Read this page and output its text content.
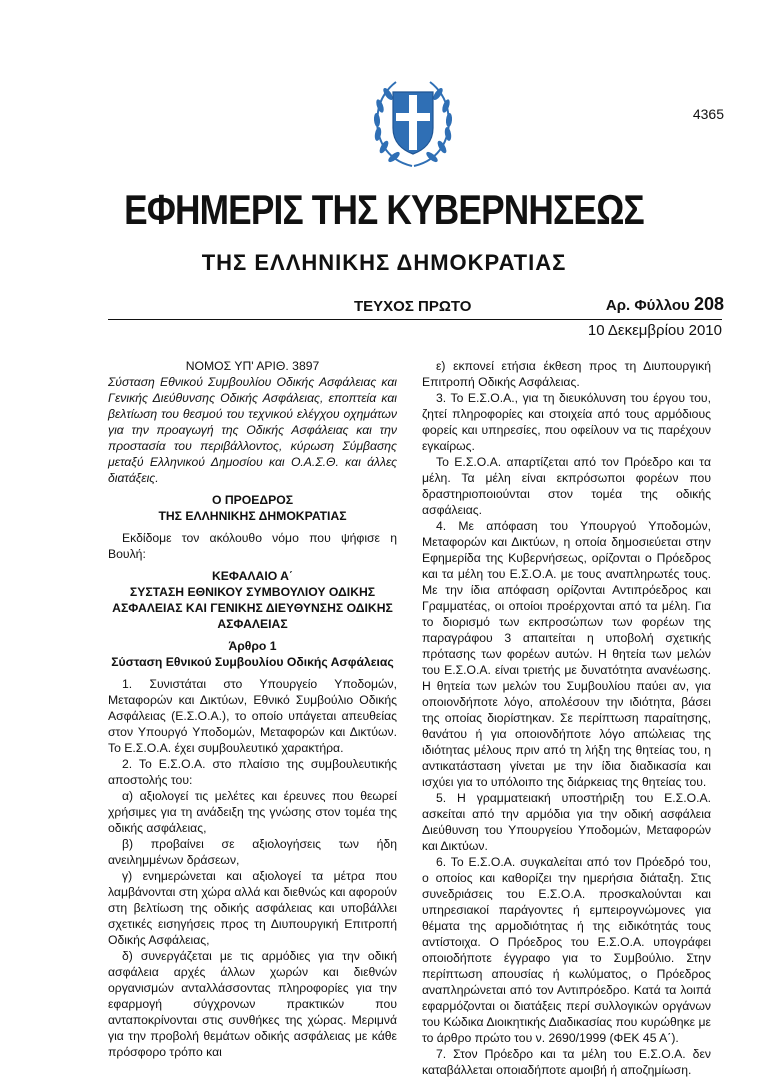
4365
ΕΦΗΜΕΡΙΣ ΤΗΣ ΚΥΒΕΡΝΗΣΕΩΣ
ΤΗΣ ΕΛΛΗΝΙΚΗΣ ΔΗΜΟΚΡΑΤΙΑΣ
ΤΕΥΧΟΣ ΠΡΩΤΟ	Αρ. Φύλλου 208
10 Δεκεμβρίου 2010

ΝΟΜΟΣ ΥΠ' ΑΡΙΘ. 3897

Σύσταση Εθνικού Συμβουλίου Οδικής Ασφάλειας και Γενικής Διεύθυνσης Οδικής Ασφάλειας, εποπτεία και βελτίωση του θεσμού του τεχνικού ελέγχου οχημάτων για την προαγωγή της Οδικής Ασφάλειας και την προστασία του περιβάλλοντος, κύρωση Σύμβασης μεταξύ Ελληνικού Δημοσίου και Ο.Α.Σ.Θ. και άλλες διατάξεις.

Ο ΠΡΟΕΔΡΟΣ

ΤΗΣ ΕΛΛΗΝΙΚΗΣ ΔΗΜΟΚΡΑΤΙΑΣ

Εκδίδομε τον ακόλουθο νόμο που ψήφισε η Βουλή:

ΚΕΦΑΛΑΙΟ Α΄

ΣΥΣΤΑΣΗ ΕΘΝΙΚΟΥ ΣΥΜΒΟΥΛΙΟΥ ΟΔΙΚΗΣ ΑΣΦΑΛΕΙΑΣ ΚΑΙ ΓΕΝΙΚΗΣ ΔΙΕΥΘΥΝΣΗΣ ΟΔΙΚΗΣ ΑΣΦΑΛΕΙΑΣ

Άρθρο 1

Σύσταση Εθνικού Συμβουλίου Οδικής Ασφάλειας

1. Συνιστάται στο Υπουργείο Υποδομών, Μεταφορών και Δικτύων, Εθνικό Συμβούλιο Οδικής Ασφάλειας (Ε.Σ.Ο.Α.), το οποίο υπάγεται απευθείας στον Υπουργό Υποδομών, Μεταφορών και Δικτύων. Το Ε.Σ.Ο.Α. έχει συμβουλευτικό χαρακτήρα.

2. Το Ε.Σ.Ο.Α. στο πλαίσιο της συμβουλευτικής αποστολής του:

α) αξιολογεί τις μελέτες και έρευνες που θεωρεί χρήσιμες για τη ανάδειξη της γνώσης στον τομέα της οδικής ασφάλειας,

β) προβαίνει σε αξιολογήσεις των ήδη ανειλημμένων δράσεων,

γ) ενημερώνεται και αξιολογεί τα μέτρα που λαμβάνονται στη χώρα αλλά και διεθνώς και αφορούν στη βελτίωση της οδικής ασφάλειας και υποβάλλει σχετικές εισηγήσεις προς τη Διυπουργική Επιτροπή Οδικής Ασφάλειας,

δ) συνεργάζεται με τις αρμόδιες για την οδική ασφάλεια αρχές άλλων χωρών και διεθνών οργανισμών ανταλλάσσοντας πληροφορίες για την εφαρμογή σύγχρονων πρακτικών που ανταποκρίνονται στις συνθήκες της χώρας. Μεριμνά για την προβολή θεμάτων οδικής ασφάλειας με κάθε πρόσφορο τρόπο και

ε) εκπονεί ετήσια έκθεση προς τη Διυπουργική Επιτροπή Οδικής Ασφάλειας.

3. Το Ε.Σ.Ο.Α., για τη διευκόλυνση του έργου του, ζητεί πληροφορίες και στοιχεία από τους αρμόδιους φορείς και υπηρεσίες, που οφείλουν να τις παρέχουν εγκαίρως.

Το Ε.Σ.Ο.Α. απαρτίζεται από τον Πρόεδρο και τα μέλη. Τα μέλη είναι εκπρόσωποι φορέων που δραστηριοποιούνται στον τομέα της οδικής ασφάλειας.

4. Με απόφαση του Υπουργού Υποδομών, Μεταφορών και Δικτύων, η οποία δημοσιεύεται στην Εφημερίδα της Κυβερνήσεως, ορίζονται ο Πρόεδρος και τα μέλη του Ε.Σ.Ο.Α. με τους αναπληρωτές τους. Με την ίδια απόφαση ορίζονται Αντιπρόεδρος και Γραμματέας, οι οποίοι προέρχονται από τα μέλη. Για το διορισμό των εκπροσώπων των φορέων της παραγράφου 3 απαιτείται η υποβολή σχετικής πρότασης των φορέων αυτών. Η θητεία των μελών του Ε.Σ.Ο.Α. είναι τριετής με δυνατότητα ανανέωσης. Η θητεία των μελών του Συμβουλίου παύει αν, για οποιονδήποτε λόγο, απολέσουν την ιδιότητα, βάσει της οποίας διορίστηκαν. Σε περίπτωση παραίτησης, θανάτου ή για οποιονδήποτε λόγο απώλειας της ιδιότητας μέλους πριν από τη λήξη της θητείας του, η αντικατάσταση γίνεται με την ίδια διαδικασία και ισχύει για το υπόλοιπο της διάρκειας της θητείας του.

5. Η γραμματειακή υποστήριξη του Ε.Σ.Ο.Α. ασκείται από την αρμόδια για την οδική ασφάλεια Διεύθυνση του Υπουργείου Υποδομών, Μεταφορών και Δικτύων.

6. Το Ε.Σ.Ο.Α. συγκαλείται από τον Πρόεδρό του, ο οποίος και καθορίζει την ημερήσια διάταξη. Στις συνεδριάσεις του Ε.Σ.Ο.Α. προσκαλούνται και υπηρεσιακοί παράγοντες ή εμπειρογνώμονες για θέματα της αρμοδιότητας ή της ειδικότητάς τους αντίστοιχα. Ο Πρόεδρος του Ε.Σ.Ο.Α. υπογράφει οποιοδήποτε έγγραφο για το Συμβούλιο. Στην περίπτωση απουσίας ή κωλύματος, ο Πρόεδρος αναπληρώνεται από τον Αντιπρόεδρο. Κατά τα λοιπά εφαρμόζονται οι διατάξεις περί συλλογικών οργάνων του Κώδικα Διοικητικής Διαδικασίας που κυρώθηκε με το άρθρο πρώτο του ν. 2690/1999 (ΦΕΚ 45 Α΄).

7. Στον Πρόεδρο και τα μέλη του Ε.Σ.Ο.Α. δεν καταβάλλεται οποιαδήποτε αμοιβή ή αποζημίωση.
